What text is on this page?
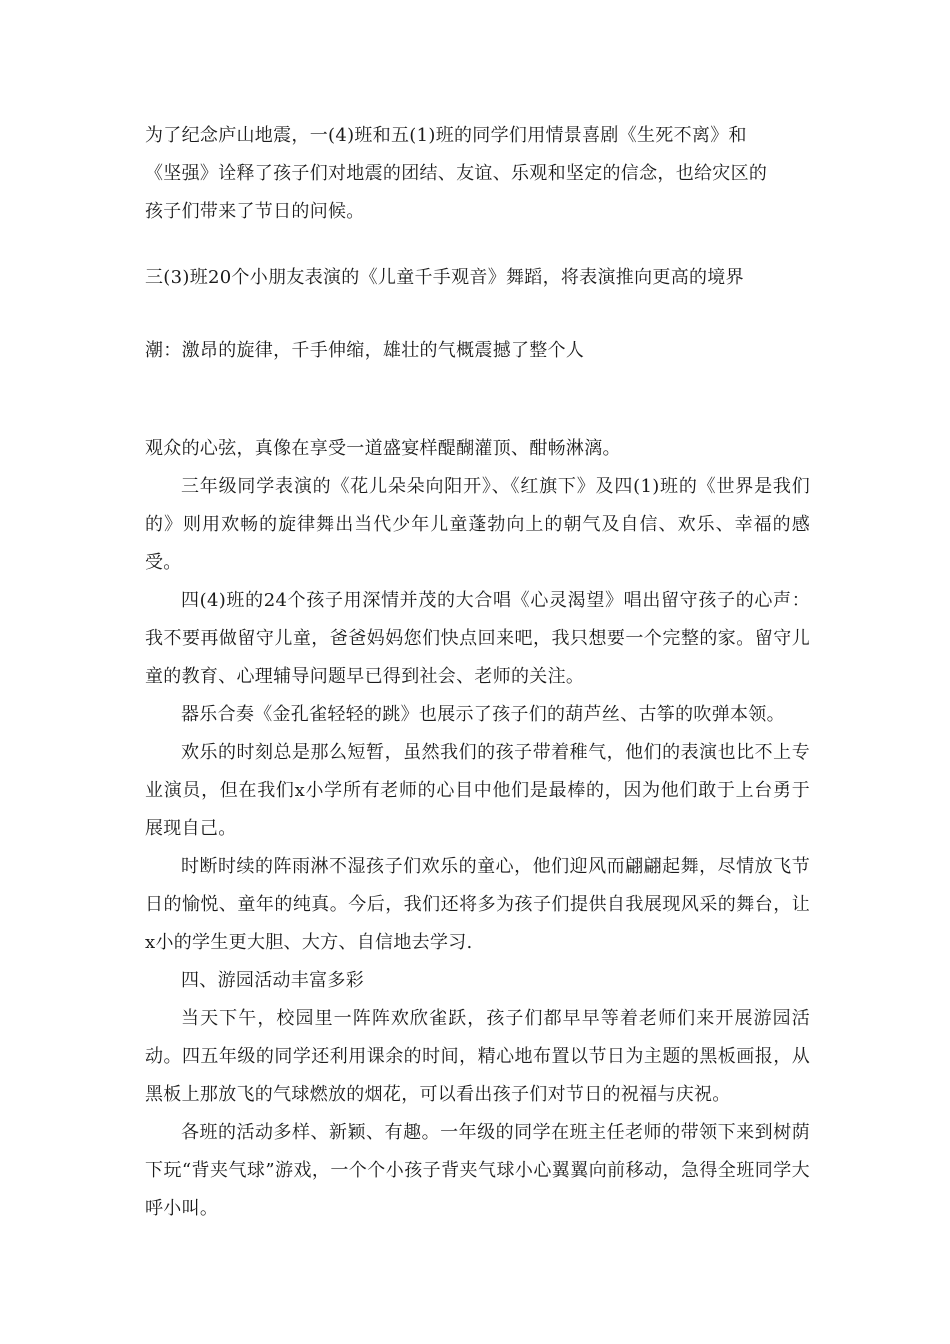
为了纪念庐山地震，一(4)班和五(1)班的同学们用情景喜剧《生死不离》和
《坚强》诠释了孩子们对地震的团结、友谊、乐观和坚定的信念，也给灾区的
孩子们带来了节日的问候。
三(3)班20个小朋友表演的《儿童千手观音》舞蹈，将表演推向更高的境界
潮：激昂的旋律，千手伸缩，雄壮的气概震撼了整个人

观众的心弦，真像在享受一道盛宴样醍醐灌顶、酣畅淋漓。

三年级同学表演的《花儿朵朵向阳开》、《红旗下》及四(1)班的《世界是我们的》则用欢畅的旋律舞出当代少年儿童蓬勃向上的朝气及自信、欢乐、幸福的感受。

四(4)班的24个孩子用深情并茂的大合唱《心灵渴望》唱出留守孩子的心声：我不要再做留守儿童，爸爸妈妈您们快点回来吧，我只想要一个完整的家。留守儿童的教育、心理辅导问题早已得到社会、老师的关注。

器乐合奏《金孔雀轻轻的跳》也展示了孩子们的葫芦丝、古筝的吹弹本领。

欢乐的时刻总是那么短暂，虽然我们的孩子带着稚气，他们的表演也比不上专业演员，但在我们x小学所有老师的心目中他们是最棒的，因为他们敢于上台勇于展现自己。

时断时续的阵雨淋不湿孩子们欢乐的童心，他们迎风而翩翩起舞，尽情放飞节日的愉悦、童年的纯真。今后，我们还将多为孩子们提供自我展现风采的舞台，让x小的学生更大胆、大方、自信地去学习.

四、游园活动丰富多彩

当天下午，校园里一阵阵欢欣雀跃，孩子们都早早等着老师们来开展游园活动。四五年级的同学还利用课余的时间，精心地布置以节日为主题的黑板画报，从黑板上那放飞的气球燃放的烟花，可以看出孩子们对节日的祝福与庆祝。

各班的活动多样、新颖、有趣。一年级的同学在班主任老师的带领下来到树荫下玩“背夹气球”游戏，一个个小孩子背夹气球小心翼翼向前移动，急得全班同学大呼小叫。
